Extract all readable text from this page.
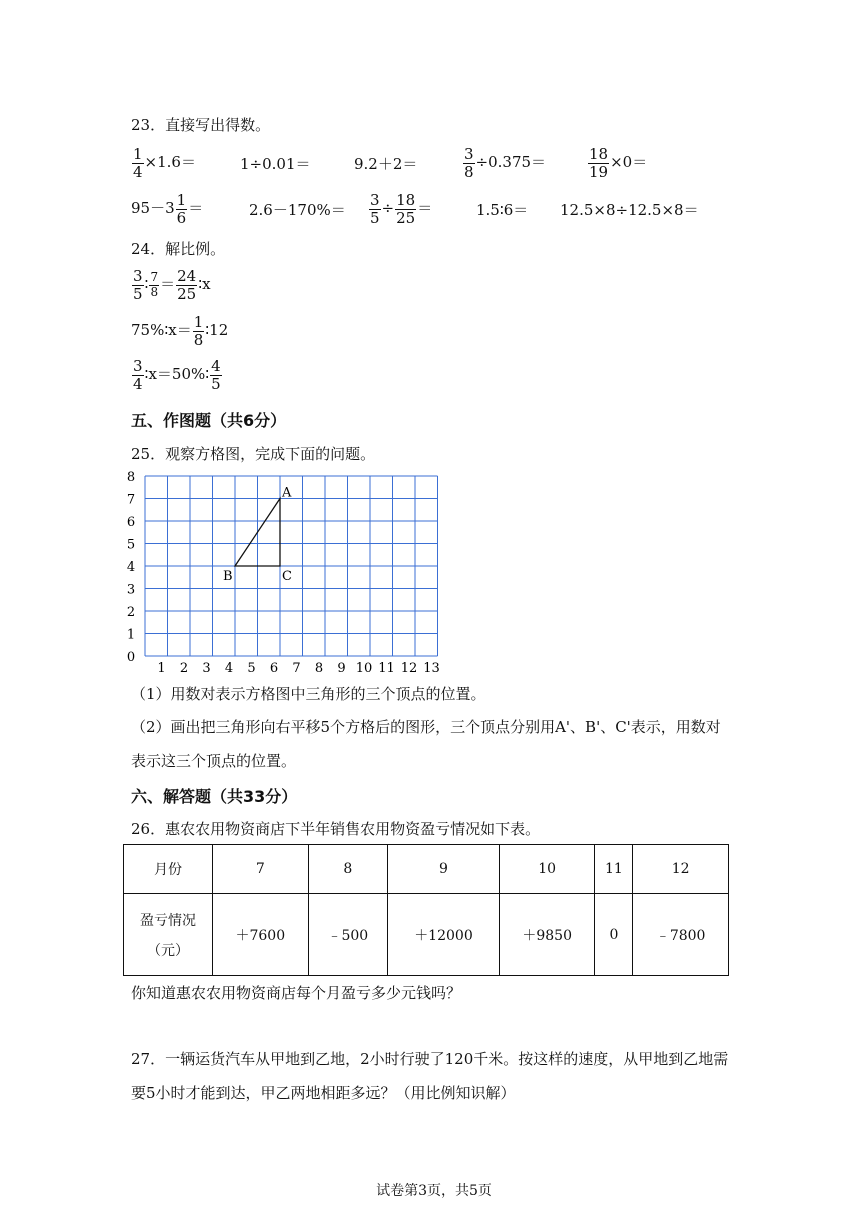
23．直接写出得数。
$\frac{1}{4} \times 1.6=$	1÷0.01＝	9.2＋2＝	$\frac{3}{8} \div 0.375=$	$\frac{18}{19} \times 0=$
$95-3 \frac{1}{6}$ ＝	$2.6-170\%= \frac{3}{5} \div \frac{18}{25}$ ＝	1.5∶6＝ 12.5×8÷12.5×8＝
24．解比例。
$\frac{3}{5}$ ∶ $\frac{7}{8} = \frac{24}{25}$ ∶x
75%∶x＝ $\frac{1}{8}$ ∶12
$\frac{3}{4}$ ∶x＝50%∶ $\frac{4}{5}$
五、作图题（共6分）
25．观察方格图，完成下面的问题。
0
1
2
3
4
5
6
7
8
1 2 3 4 5 6 7 8 9 10 11 12 13
A
B	C
（1）用数对表示方格图中三角形的三个顶点的位置。
（2）画出把三角形向右平移5个方格后的图形，三个顶点分别用A'、B'、C'表示，用数对
表示这三个顶点的位置。
六、解答题（共33分）
26．惠农农用物资商店下半年销售农用物资盈亏情况如下表。
月份	7	8	9	10	11	12

盈亏情况
（元）	＋7600	﹣500	＋12000	＋9850	0	﹣7800
你知道惠农农用物资商店每个月盈亏多少元钱吗？
27．一辆运货汽车从甲地到乙地，2小时行驶了120千米。按这样的速度，从甲地到乙地需
要5小时才能到达，甲乙两地相距多远？（用比例知识解）
试卷第3页，共5页
